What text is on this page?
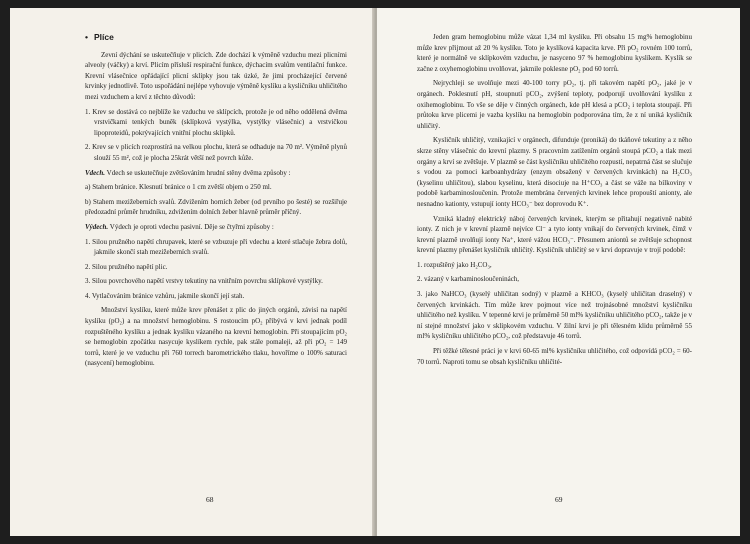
• Plíce

Zevní dýchání se uskutečňuje v plicích. Zde dochází k výměně vzduchu mezi plicními alveoly (váčky) a krví. Plicím přísluší respirační funkce, dýchacím svalům ventilační funkce. Krevní vlásečnice opřádající plicní sklípky jsou tak úzké, že jimi procházející červené krvinky jednotlivě. Toto uspořádání nejlépe vyhovuje výměně kyslíku a kysličníku uhličitého mezi vzduchem a krví z těchto důvodů:

1. Krev se dostává co nejblíže ke vzduchu ve sklípcích, protože je od něho oddělená dvěma vrstvičkami tenkých buněk (sklípková vystýlka, vystýlky vlásečnic) a vrstvičkou lipoproteidů, pokrývajících vnitřní plochu sklípků.

2. Krev se v plicích rozprostírá na velkou plochu, která se odhaduje na 70 m². Výměně plynů slouží 55 m², což je plocha 25krát větší než povrch kůže.

Vdech. Vdech se uskutečňuje zvětšováním hrudní stěny dvěma způsoby :

a) Stahem bránice. Klesnutí bránice o 1 cm zvětší objem o 250 ml.

b) Stahem mezižeberních svalů. Zdvižením horních žeber (od prvního po šesté) se rozšiřuje předozadní průměr hrudníku, zdvižením dolních žeber hlavně průměr příčný.

Výdech. Výdech je oproti vdechu pasivní. Děje se čtyřmi způsoby :

1. Silou pružného napětí chrupavek, které se vzbuzuje při vdechu a které stlačuje žebra dolů, jakmile skončí stah mezižeberních svalů.

2. Silou pružného napětí plic.

3. Silou povrchového napětí vrstvy tekutiny na vnitřním povrchu sklípkové vystýlky.

4. Vytlačováním bránice vzhůru, jakmile skončí její stah.

Množství kyslíku, které může krev přenášet z plic do jiných orgánů, závisí na napětí kyslíku (pO₂) a na množství hemoglobinu. S rostoucím pO₂ přibývá v krvi jednak podíl rozpuštěného kyslíku a jednak kyslíku vázaného na krevní hemoglobin. Při stoupajícím pO₂ se hemoglobin zpočátku nasycuje kyslíkem rychle, pak stále pomaleji, až při pO₂ = 149 torrů, které je ve vzduchu při 760 torrech barometrického tlaku, hovoříme o 100% saturaci (nasycení) hemoglobinu.

68

Jeden gram hemoglobinu může vázat 1,34 ml kyslíku. Při obsahu 15 mg% hemoglobinu může krev přijmout až 20 % kyslíku. Toto je kyslíková kapacita krve. Při pO₂ rovném 100 torrů, které je normálně ve sklípkovém vzduchu, je nasyceno 97 % hemoglobinu kyslíkem. Kyslík se začne z oxyhemoglobinu uvolňovat, jakmile poklesne pO₂ pod 60 torrů.

Nejrychleji se uvolňuje mezi 40-100 torry pO₂, tj. při takovém napětí pO₂, jaké je v orgánech. Poklesnutí pH, stoupnutí pCO₂, zvýšení teploty, podporují uvolňování kyslíku z oxihemoglobinu. To vše se děje v činných orgánech, kde pH klesá a pCO₂ i teplota stoupají. Při průtoku krve plicemi je vazba kyslíku na hemoglobin podporována tím, že z ní uniká kysličník uhličitý.

Kysličník uhličitý, vznikající v orgánech, difunduje (proniká) do tkáňové tekutiny a z něho skrze stěny vlásečnic do krevní plazmy. S pracovním zatížením orgánů stoupá pCO₂ a tlak mezi orgány a krví se zvětšuje. V plazmě se část kysličníku uhličitého rozpustí, nepatrná část se slučuje s vodou za pomoci karboanhydrázy (enzym obsažený v červených krvinkách) na H₂CO₃ (kyselinu uhličitou), slabou kyselinu, která disociuje na H⁺CO₃ a část se váže na bílkoviny v podobě karbaminosloučenin. Protože membrána červených krvinek lehce propouští anionty, ale nesnadno kationty, vstupují ionty HCO₃⁻ bez doprovodu K⁺.

Vzniká kladný elektrický náboj červených krvinek, kterým se přitahují negativně nabité ionty. Z nich je v krevní plazmě nejvíce Cl⁻ a tyto ionty vnikají do červených krvinek, čímž v krevní plazmě uvolňují ionty Na⁺, které vážou HCO₃⁻. Přesunem aniontů se zvětšuje schopnost krevní plazmy přenášet kysličník uhličitý. Kysličník uhličitý se v krvi dopravuje v trojí podobě:

1. rozpuštěný jako H₂CO₃,

2. vázaný v karbaminosloučeninách,

3. jako NaHCO₃ (kyselý uhličitan sodný) v plazmě a KHCO₃ (kyselý uhličitan draselný) v červených krvinkách. Tím může krev pojmout více než trojnásobné množství kysličníku uhličitého než kyslíku. V tepenné krvi je průměrně 50 ml% kysličníku uhličitého pCO₂, takže je v ní stejné množství jako v sklípkovém vzduchu. V žilní krvi je při tělesném klidu průměrně 55 ml% kysličníku uhličitého pCO₂, což představuje 46 torrů.

Při těžké tělesné práci je v krvi 60-65 ml% kysličníku uhličitého, což odpovídá pCO₂ = 60-70 torrů. Naproti tomu se obsah kysličníku uhličité-

69
